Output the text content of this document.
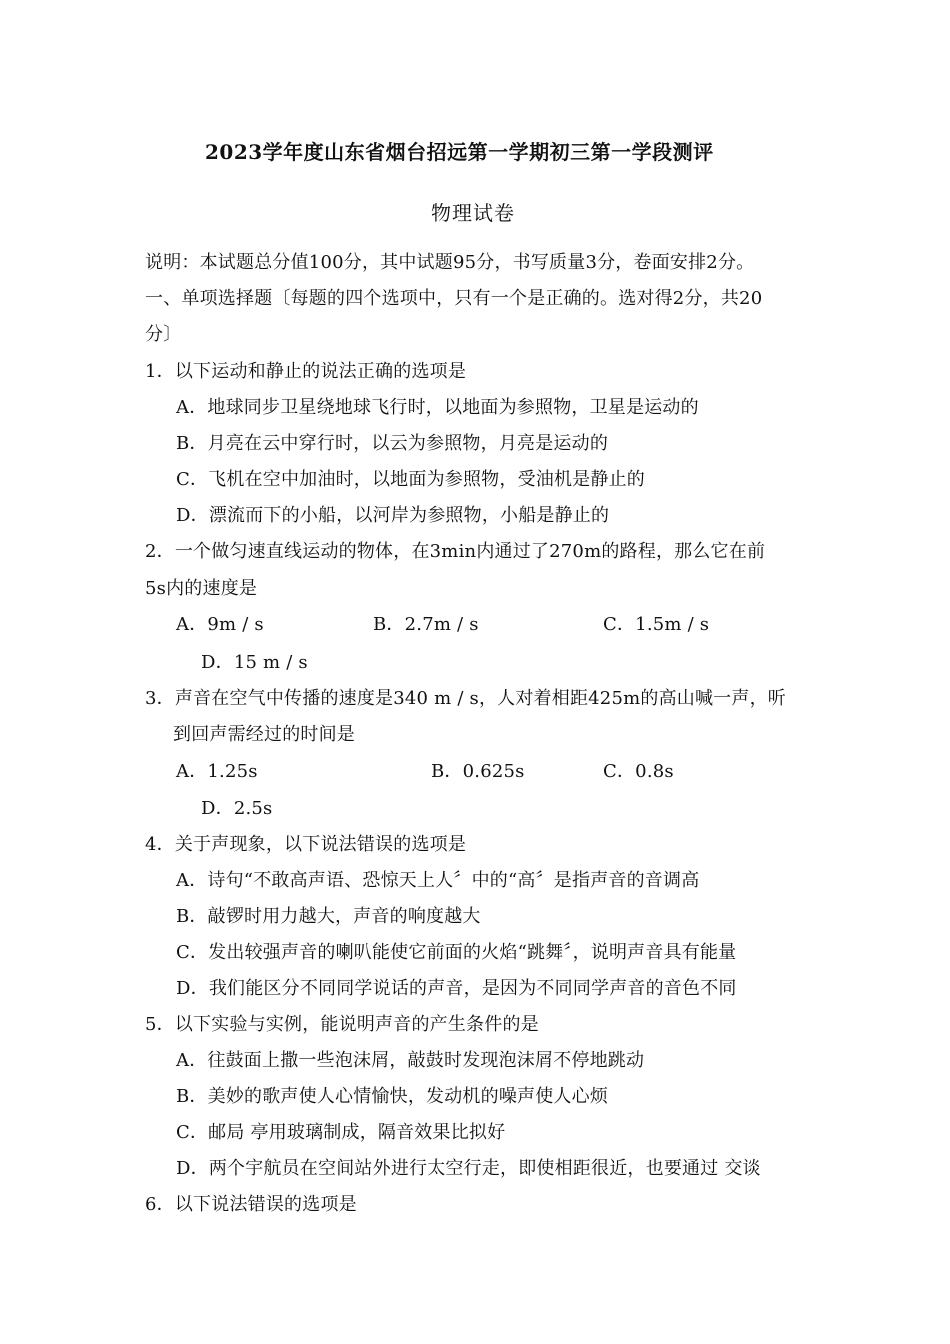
2023学年度山东省烟台招远第一学期初三第一学段测评
物理试卷
说明：本试题总分值100分，其中试题95分，书写质量3分，卷面安排2分。
一、单项选择题〔每题的四个选项中，只有一个是正确的。选对得2分，共20
分〕
1．以下运动和静止的说法正确的选项是
A．地球同步卫星绕地球飞行时，以地面为参照物，卫星是运动的
B．月亮在云中穿行时，以云为参照物，月亮是运动的
C．飞机在空中加油时，以地面为参照物，受油机是静止的
D．漂流而下的小船，以河岸为参照物，小船是静止的
2．一个做匀速直线运动的物体，在3min内通过了270m的路程，那么它在前
5s内的速度是
A．9m / s	B．2.7m / s	C．1.5m / s
D．15 m / s
3．声音在空气中传播的速度是340 m / s，人对着相距425m的高山喊一声，听
到回声需经过的时间是
A．1.25s	B．0.625s	C．0.8s
D．2.5s
4．关于声现象，以下说法错误的选项是
A．诗句“不敢高声语、恐惊天上人〞中的“高〞是指声音的音调高
B．敲锣时用力越大，声音的响度越大
C．发出较强声音的喇叭能使它前面的火焰“跳舞〞，说明声音具有能量
D．我们能区分不同同学说话的声音，是因为不同同学声音的音色不同
5．以下实验与实例，能说明声音的产生条件的是
A．往鼓面上撒一些泡沫屑，敲鼓时发现泡沫屑不停地跳动
B．美妙的歌声使人心情愉快，发动机的噪声使人心烦
C．邮局 亭用玻璃制成，隔音效果比拟好
D．两个宇航员在空间站外进行太空行走，即使相距很近，也要通过 交谈
6．以下说法错误的选项是
